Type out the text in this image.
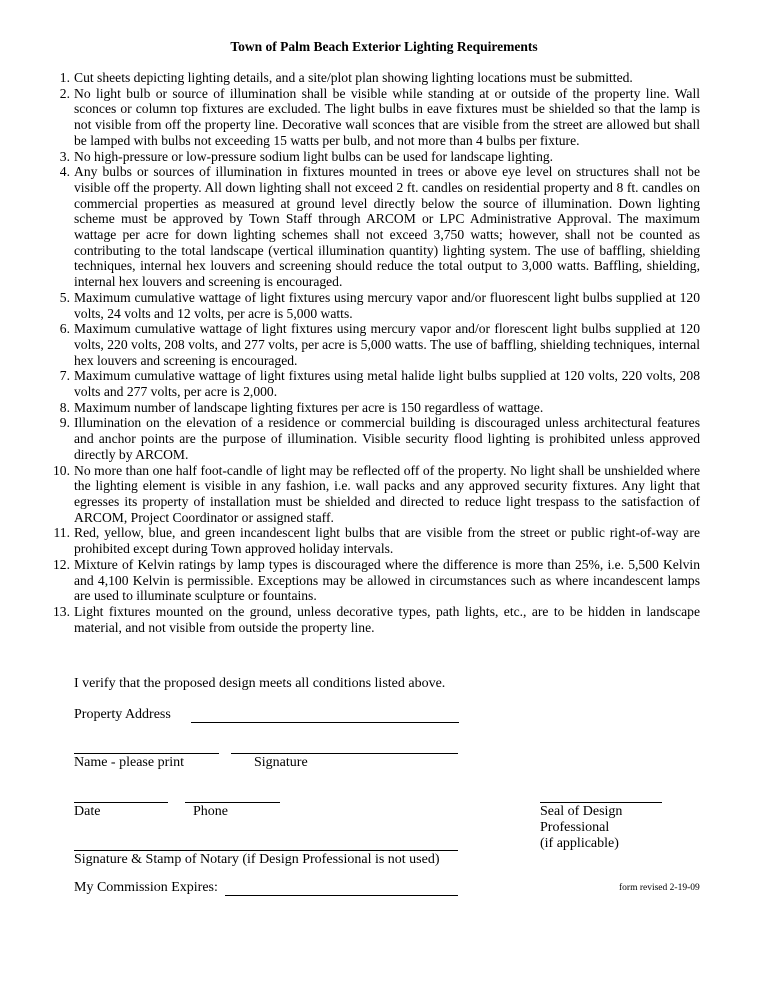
Town of Palm Beach Exterior Lighting Requirements
1. Cut sheets depicting lighting details, and a site/plot plan showing lighting locations must be submitted.
2. No light bulb or source of illumination shall be visible while standing at or outside of the property line. Wall sconces or column top fixtures are excluded. The light bulbs in eave fixtures must be shielded so that the lamp is not visible from off the property line. Decorative wall sconces that are visible from the street are allowed but shall be lamped with bulbs not exceeding 15 watts per bulb, and not more than 4 bulbs per fixture.
3. No high-pressure or low-pressure sodium light bulbs can be used for landscape lighting.
4. Any bulbs or sources of illumination in fixtures mounted in trees or above eye level on structures shall not be visible off the property. All down lighting shall not exceed 2 ft. candles on residential property and 8 ft. candles on commercial properties as measured at ground level directly below the source of illumination. Down lighting scheme must be approved by Town Staff through ARCOM or LPC Administrative Approval. The maximum wattage per acre for down lighting schemes shall not exceed 3,750 watts; however, shall not be counted as contributing to the total landscape (vertical illumination quantity) lighting system. The use of baffling, shielding techniques, internal hex louvers and screening should reduce the total output to 3,000 watts. Baffling, shielding, internal hex louvers and screening is encouraged.
5. Maximum cumulative wattage of light fixtures using mercury vapor and/or fluorescent light bulbs supplied at 120 volts, 24 volts and 12 volts, per acre is 5,000 watts.
6. Maximum cumulative wattage of light fixtures using mercury vapor and/or florescent light bulbs supplied at 120 volts, 220 volts, 208 volts, and 277 volts, per acre is 5,000 watts. The use of baffling, shielding techniques, internal hex louvers and screening is encouraged.
7. Maximum cumulative wattage of light fixtures using metal halide light bulbs supplied at 120 volts, 220 volts, 208 volts and 277 volts, per acre is 2,000.
8. Maximum number of landscape lighting fixtures per acre is 150 regardless of wattage.
9. Illumination on the elevation of a residence or commercial building is discouraged unless architectural features and anchor points are the purpose of illumination. Visible security flood lighting is prohibited unless approved directly by ARCOM.
10. No more than one half foot-candle of light may be reflected off of the property. No light shall be unshielded where the lighting element is visible in any fashion, i.e. wall packs and any approved security fixtures. Any light that egresses its property of installation must be shielded and directed to reduce light trespass to the satisfaction of ARCOM, Project Coordinator or assigned staff.
11. Red, yellow, blue, and green incandescent light bulbs that are visible from the street or public right-of-way are prohibited except during Town approved holiday intervals.
12. Mixture of Kelvin ratings by lamp types is discouraged where the difference is more than 25%, i.e. 5,500 Kelvin and 4,100 Kelvin is permissible. Exceptions may be allowed in circumstances such as where incandescent lamps are used to illuminate sculpture or fountains.
13. Light fixtures mounted on the ground, unless decorative types, path lights, etc., are to be hidden in landscape material, and not visible from outside the property line.
I verify that the proposed design meets all conditions listed above.
Property Address
Name - please print	Signature
Date	Phone	Seal of Design
Professional
(if applicable)
Signature & Stamp of Notary (if Design Professional is not used)
My Commission Expires:	form revised 2-19-09
